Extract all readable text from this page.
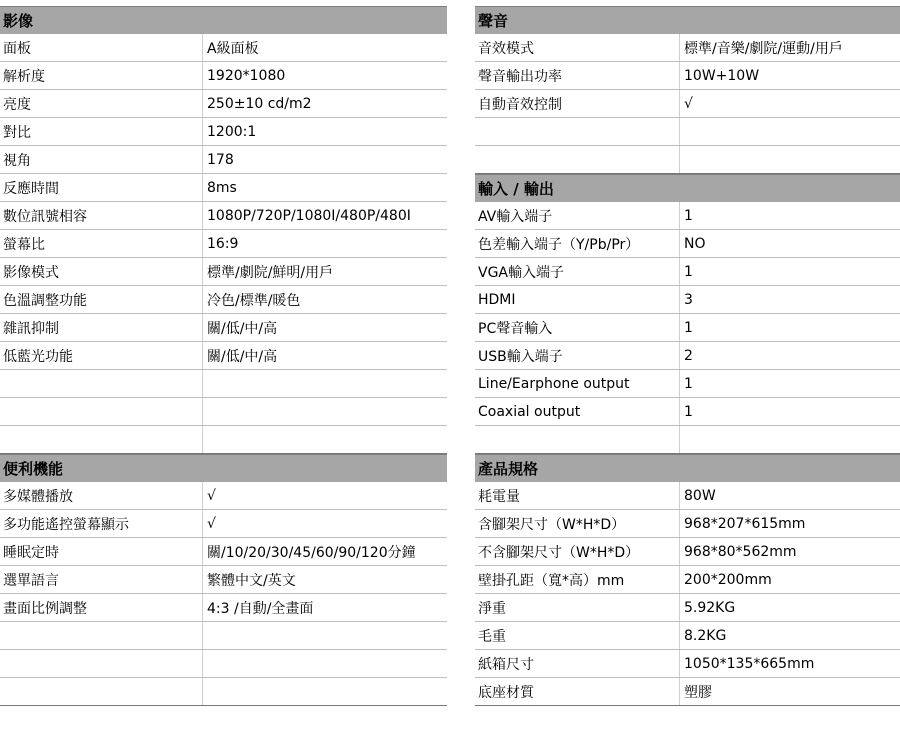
影像
面板	A級面板
解析度	1920*1080
亮度	250±10 cd/m2
對比	1200:1
視角	178
反應時間	8ms
數位訊號相容	1080P/720P/1080I/480P/480I
螢幕比	16:9
影像模式	標準/劇院/鮮明/用戶
色溫調整功能	冷色/標準/暖色
雜訊抑制	關/低/中/高
低藍光功能	關/低/中/高
便利機能
多媒體播放	√
多功能遙控螢幕顯示	√
睡眠定時	關/10/20/30/45/60/90/120分鐘
選單語言	繁體中文/英文
畫面比例調整	4:3 /自動/全畫面
聲音
音效模式	標準/音樂/劇院/運動/用戶
聲音輸出功率	10W+10W
自動音效控制	√
輸入 / 輸出
AV輸入端子	1
色差輸入端子（Y/Pb/Pr）	NO
VGA輸入端子	1
HDMI	3
PC聲音輸入	1
USB輸入端子	2
Line/Earphone output	1
Coaxial output	1
產品規格
耗電量	80W
含腳架尺寸（W*H*D）	968*207*615mm
不含腳架尺寸（W*H*D）	968*80*562mm
壁掛孔距（寬*高）mm	200*200mm
淨重	5.92KG
毛重	8.2KG
紙箱尺寸	1050*135*665mm
底座材質	塑膠
